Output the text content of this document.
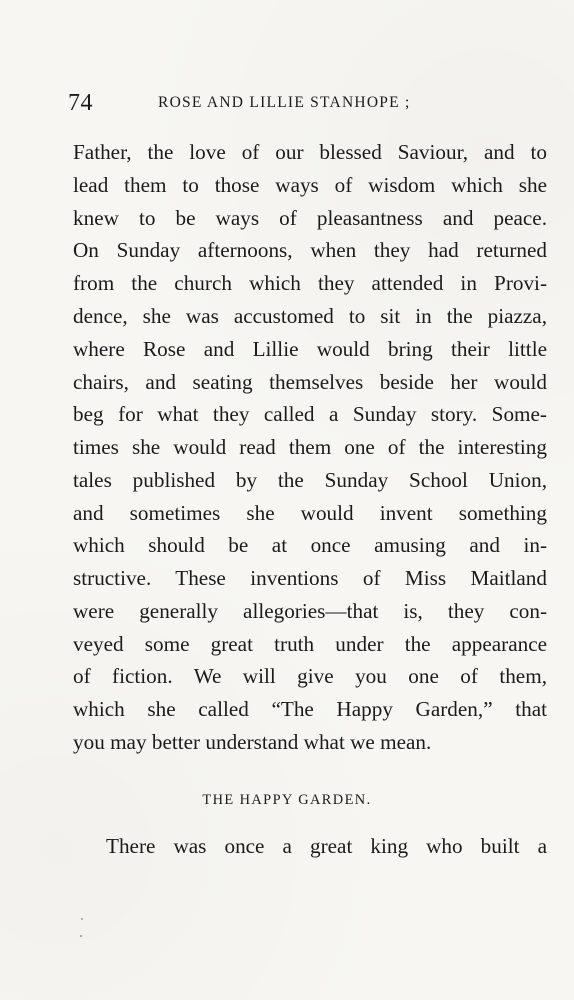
74	ROSE AND LILLIE STANHOPE ;
Father, the love of our blessed Saviour, and to
lead them to those ways of wisdom which she
knew to be ways of pleasantness and peace.
On Sunday afternoons, when they had returned
from the church which they attended in Provi-
dence, she was accustomed to sit in the piazza,
where Rose and Lillie would bring their little
chairs, and seating themselves beside her would
beg for what they called a Sunday story. Some-
times she would read them one of the interesting
tales published by the Sunday School Union,
and sometimes she would invent something
which should be at once amusing and in-
structive. These inventions of Miss Maitland
were generally allegories—that is, they con-
veyed some great truth under the appearance
of fiction. We will give you one of them,
which she called “The Happy Garden,” that
you may better understand what we mean.
THE HAPPY GARDEN.
There was once a great king who built a
